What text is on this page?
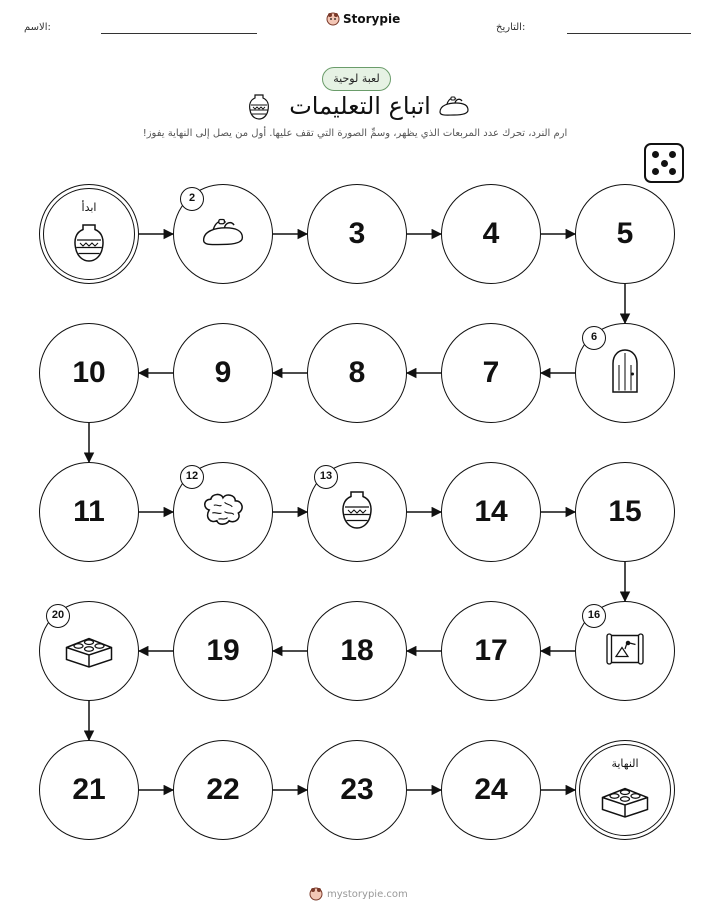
الاسم:
Storypie
التاريخ:
لعبة لوحية
اتباع التعليمات
ارم النرد، تحرك عدد المربعات الذي يظهر، وسمِّ الصورة التي تقف عليها. أول من يصل إلى النهاية يفوز!
ابدأ
2
3	4	5
6
7
8
9
10
11
12	13
14	15
16
17
18
19
20
21	22	23	24
النهاية
mystorypie.com
